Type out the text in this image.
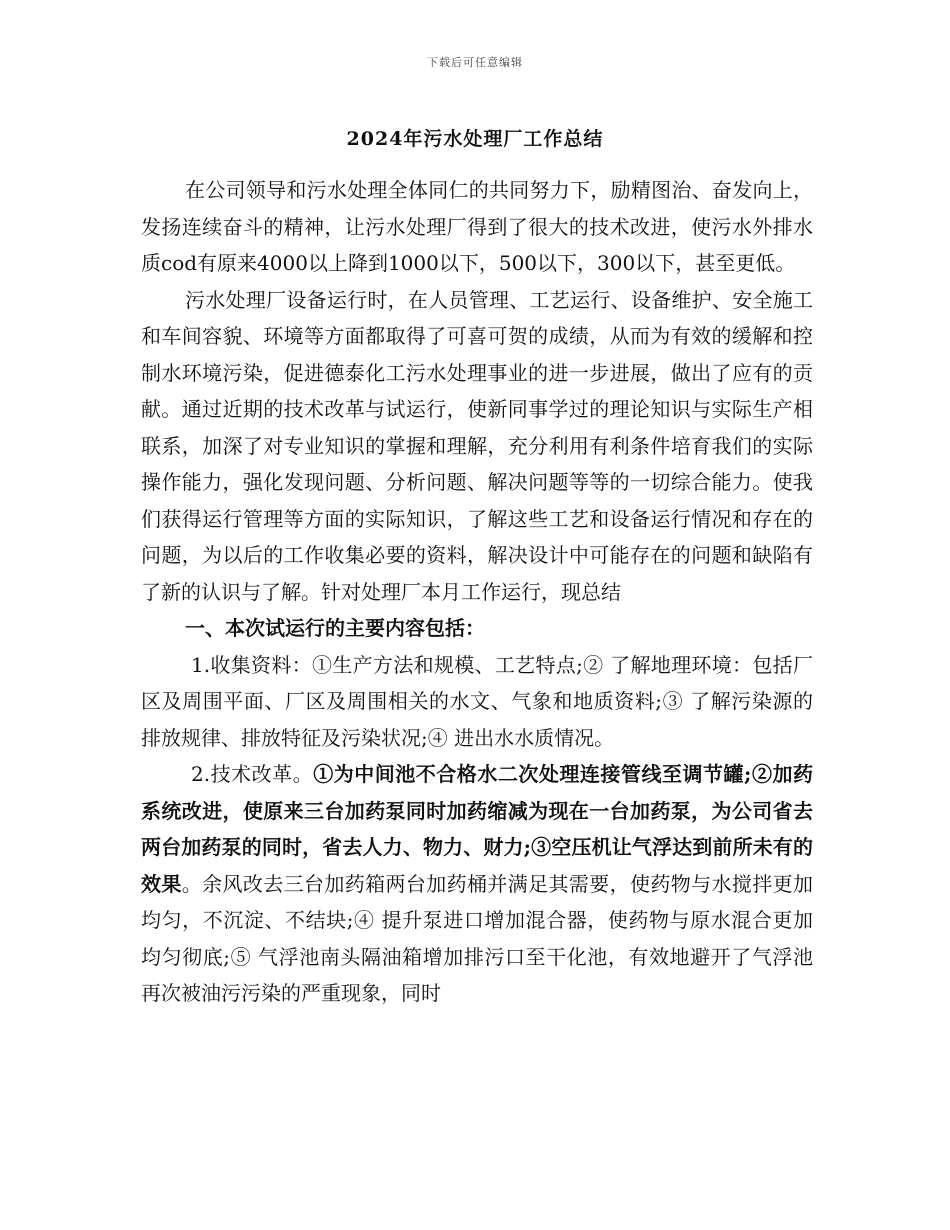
下载后可任意编辑
2024年污水处理厂工作总结

在公司领导和污水处理全体同仁的共同努力下，励精图治、奋发向上，发扬连续奋斗的精神，让污水处理厂得到了很大的技术改进，使污水外排水质cod有原来4000以上降到1000以下，500以下，300以下，甚至更低。

污水处理厂设备运行时，在人员管理、工艺运行、设备维护、安全施工和车间容貌、环境等方面都取得了可喜可贺的成绩，从而为有效的缓解和控制水环境污染，促进德泰化工污水处理事业的进一步进展，做出了应有的贡献。通过近期的技术改革与试运行，使新同事学过的理论知识与实际生产相联系，加深了对专业知识的掌握和理解，充分利用有利条件培育我们的实际操作能力，强化发现问题、分析问题、解决问题等等的一切综合能力。使我们获得运行管理等方面的实际知识，了解这些工艺和设备运行情况和存在的问题，为以后的工作收集必要的资料，解决设计中可能存在的问题和缺陷有了新的认识与了解。针对处理厂本月工作运行，现总结

一、本次试运行的主要内容包括：

1.收集资料：①生产方法和规模、工艺特点;② 了解地理环境：包括厂区及周围平面、厂区及周围相关的水文、气象和地质资料;③ 了解污染源的排放规律、排放特征及污染状况;④ 进出水水质情况。

2.技术改革。①为中间池不合格水二次处理连接管线至调节罐;②加药系统改进，使原来三台加药泵同时加药缩减为现在一台加药泵，为公司省去两台加药泵的同时，省去人力、物力、财力;③空压机让气浮达到前所未有的效果。余风改去三台加药箱两台加药桶并满足其需要，使药物与水搅拌更加均匀，不沉淀、不结块;④ 提升泵进口增加混合器，使药物与原水混合更加均匀彻底;⑤ 气浮池南头隔油箱增加排污口至干化池，有效地避开了气浮池再次被油污污染的严重现象，同时
